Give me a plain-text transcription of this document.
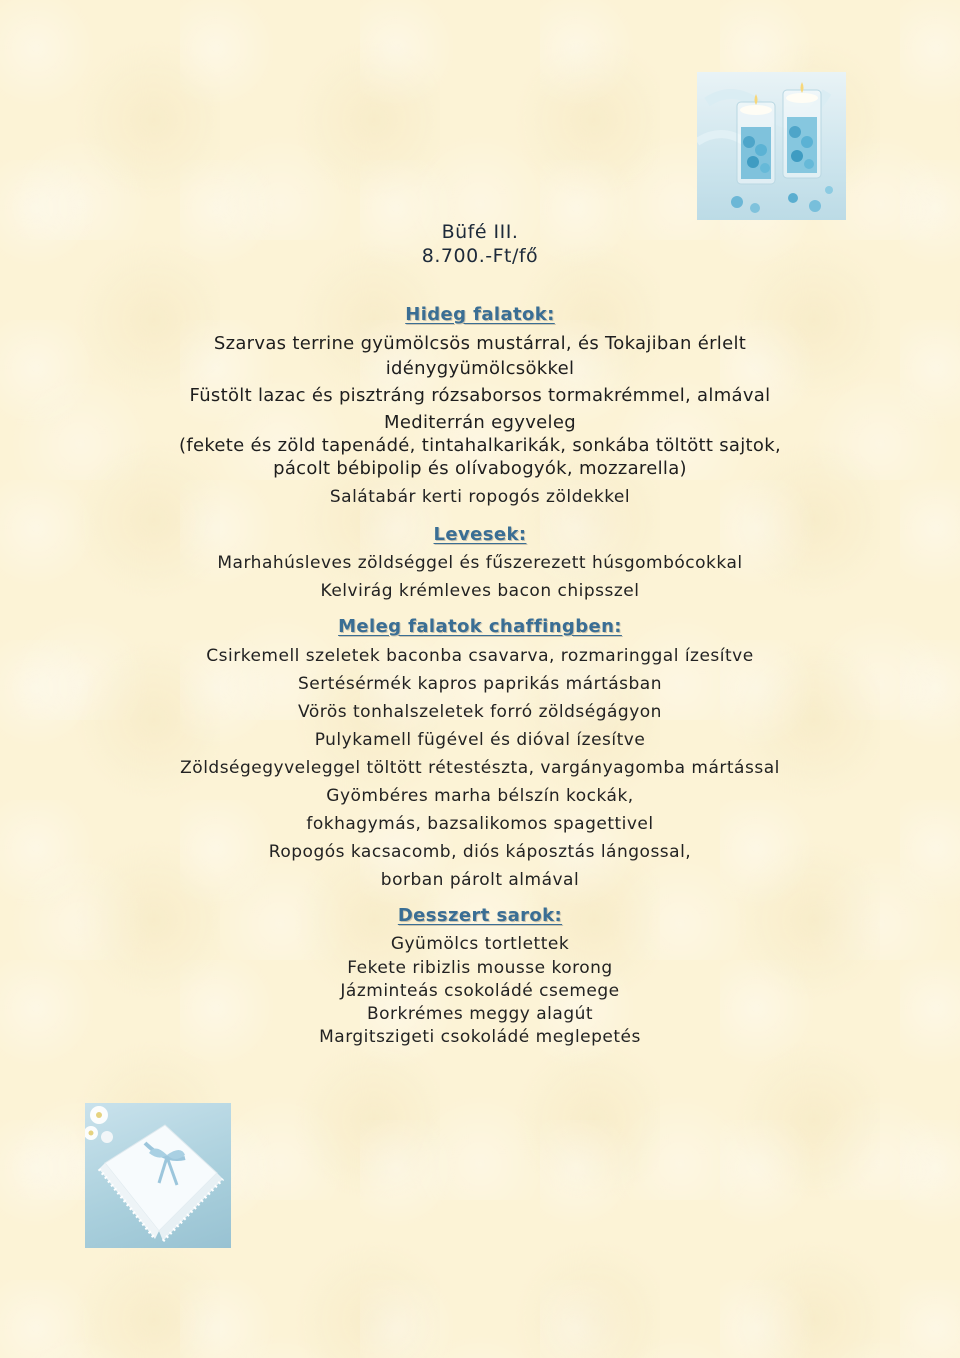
Büfé III.
8.700.-Ft/fő
Hideg falatok:
Szarvas terrine gyümölcsös mustárral, és Tokajiban érlelt
idénygyümölcsökkel
Füstölt lazac és pisztráng rózsaborsos tormakrémmel, almával
Mediterrán egyveleg
(fekete és zöld tapenádé, tintahalkarikák, sonkába töltött sajtok,
pácolt bébipolip és olívabogyók, mozzarella)
Salátabár kerti ropogós zöldekkel
Levesek:
Marhahúsleves zöldséggel és fűszerezett húsgombócokkal
Kelvirág krémleves bacon chipsszel
Meleg falatok chaffingben:
Csirkemell szeletek baconba csavarva, rozmaringgal ízesítve
Sertésérmék kapros paprikás mártásban
Vörös tonhalszeletek forró zöldségágyon
Pulykamell fügével és dióval ízesítve
Zöldségegyveleggel töltött rétestészta, vargányagomba mártással
Gyömbéres marha bélszín kockák,
fokhagymás, bazsalikomos spagettivel
Ropogós kacsacomb, diós káposztás lángossal,
borban párolt almával
Desszert sarok:
Gyümölcs tortlettek
Fekete ribizlis mousse korong
Jázminteás csokoládé csemege
Borkrémes meggy alagút
Margitszigeti csokoládé meglepetés
